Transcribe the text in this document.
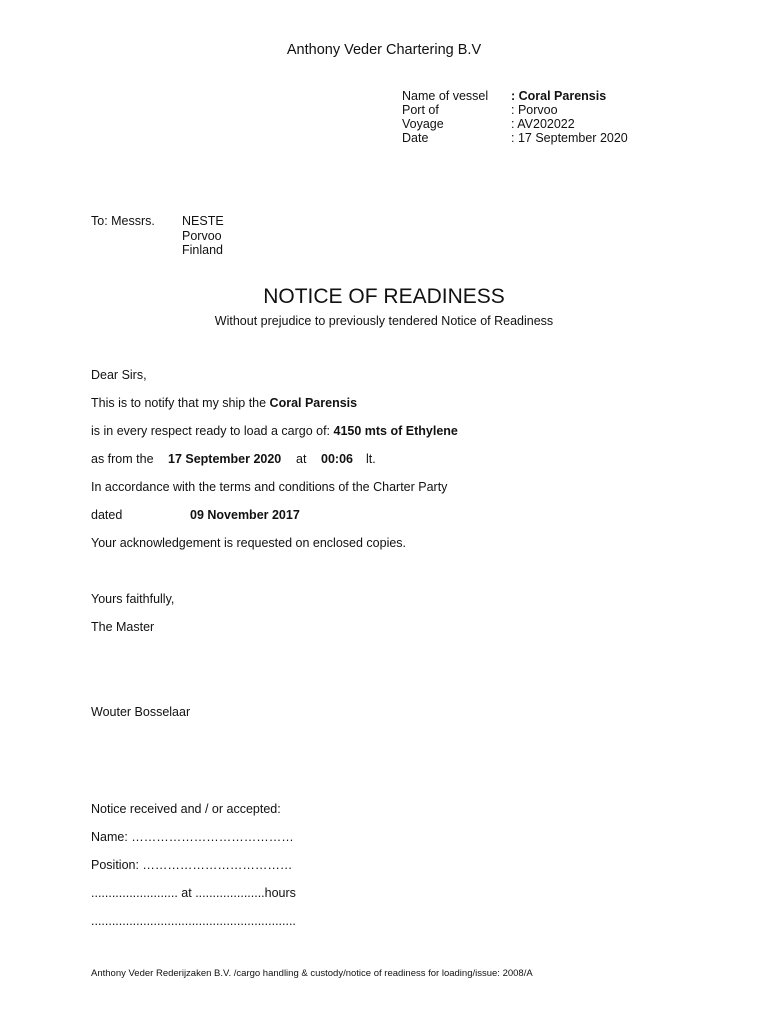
Anthony Veder Chartering B.V
Name of vessel : Coral Parensis
Port of	: Porvoo
Voyage	: AV202022
Date	: 17 September 2020
To: Messrs. NESTE
Porvoo
Finland
NOTICE OF READINESS
Without prejudice to previously tendered Notice of Readiness
Dear Sirs,
This is to notify that my ship the Coral Parensis
is in every respect ready to load a cargo of: 4150 mts of Ethylene
as from the 17 September 2020 at 00:06 lt.
In accordance with the terms and conditions of the Charter Party
dated	09 November 2017
Your acknowledgement is requested on enclosed copies.
Yours faithfully,
The Master
Wouter Bosselaar
Notice received and / or accepted:
Name: …………………………………
Position: ………………………………
......................... at ....................hours
...........................................................
Anthony Veder Rederijzaken B.V. /cargo handling & custody/notice of readiness for loading/issue: 2008/A
